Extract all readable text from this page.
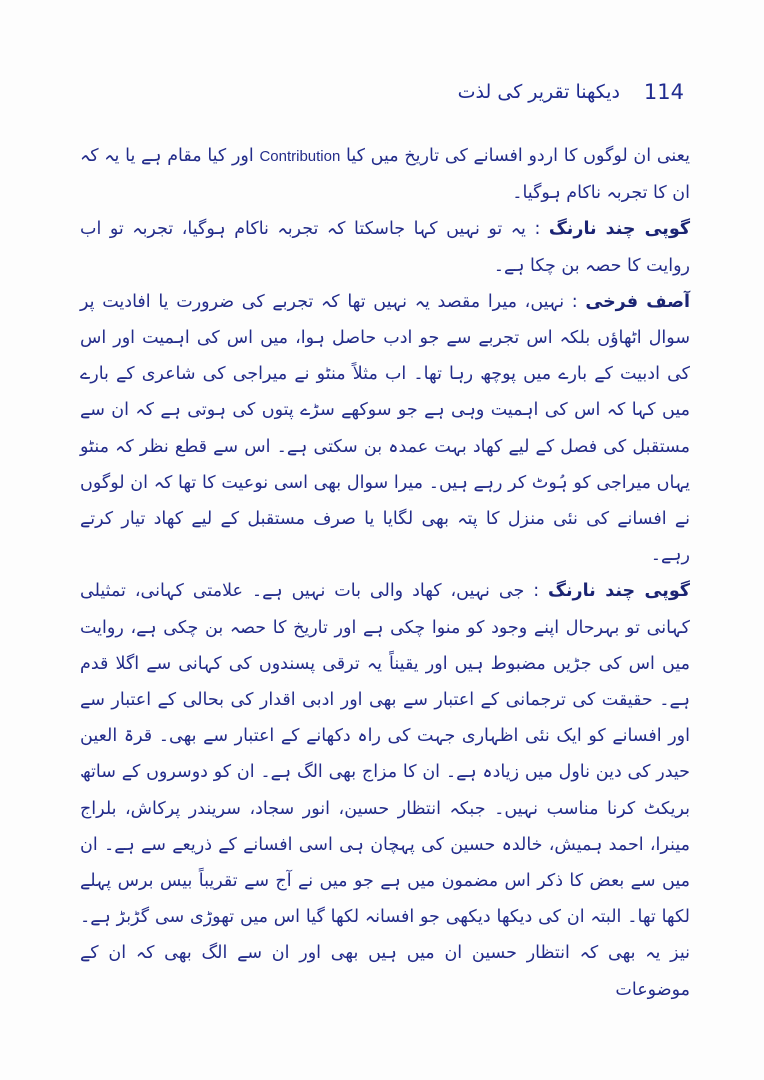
114
دیکھنا تقریر کی لذت

یعنی ان لوگوں کا اردو افسانے کی تاریخ میں کیا Contribution اور کیا مقام ہے یا یہ کہ ان کا تجربہ ناکام ہوگیا۔

گوپی چند نارنگ : یہ تو نہیں کہا جاسکتا کہ تجربہ ناکام ہوگیا، تجربہ تو اب روایت کا حصہ بن چکا ہے۔

آصف فرخی : نہیں، میرا مقصد یہ نہیں تھا کہ تجربے کی ضرورت یا افادیت پر سوال اٹھاؤں بلکہ اس تجربے سے جو ادب حاصل ہوا، میں اس کی اہمیت اور اس کی ادبیت کے بارے میں پوچھ رہا تھا۔ اب مثلاً منٹو نے میراجی کی شاعری کے بارے میں کہا کہ اس کی اہمیت وہی ہے جو سوکھے سڑے پتوں کی ہوتی ہے کہ ان سے مستقبل کی فصل کے لیے کھاد بہت عمدہ بن سکتی ہے۔ اس سے قطع نظر کہ منٹو یہاں میراجی کو ہُوٹ کر رہے ہیں۔ میرا سوال بھی اسی نوعیت کا تھا کہ ان لوگوں نے افسانے کی نئی منزل کا پتہ بھی لگایا یا صرف مستقبل کے لیے کھاد تیار کرتے رہے۔

گوپی چند نارنگ : جی نہیں، کھاد والی بات نہیں ہے۔ علامتی کہانی، تمثیلی کہانی تو بہرحال اپنے وجود کو منوا چکی ہے اور تاریخ کا حصہ بن چکی ہے، روایت میں اس کی جڑیں مضبوط ہیں اور یقیناً یہ ترقی پسندوں کی کہانی سے اگلا قدم ہے۔ حقیقت کی ترجمانی کے اعتبار سے بھی اور ادبی اقدار کی بحالی کے اعتبار سے اور افسانے کو ایک نئی اظہاری جہت کی راہ دکھانے کے اعتبار سے بھی۔ قرۃ العین حیدر کی دین ناول میں زیادہ ہے۔ ان کا مزاج بھی الگ ہے۔ ان کو دوسروں کے ساتھ بریکٹ کرنا مناسب نہیں۔ جبکہ انتظار حسین، انور سجاد، سریندر پرکاش، بلراج مینرا، احمد ہمیش، خالدہ حسین کی پہچان ہی اسی افسانے کے ذریعے سے ہے۔ ان میں سے بعض کا ذکر اس مضمون میں ہے جو میں نے آج سے تقریباً بیس برس پہلے لکھا تھا۔ البتہ ان کی دیکھا دیکھی جو افسانہ لکھا گیا اس میں تھوڑی سی گڑبڑ ہے۔ نیز یہ بھی کہ انتظار حسین ان میں ہیں بھی اور ان سے الگ بھی کہ ان کے موضوعات
